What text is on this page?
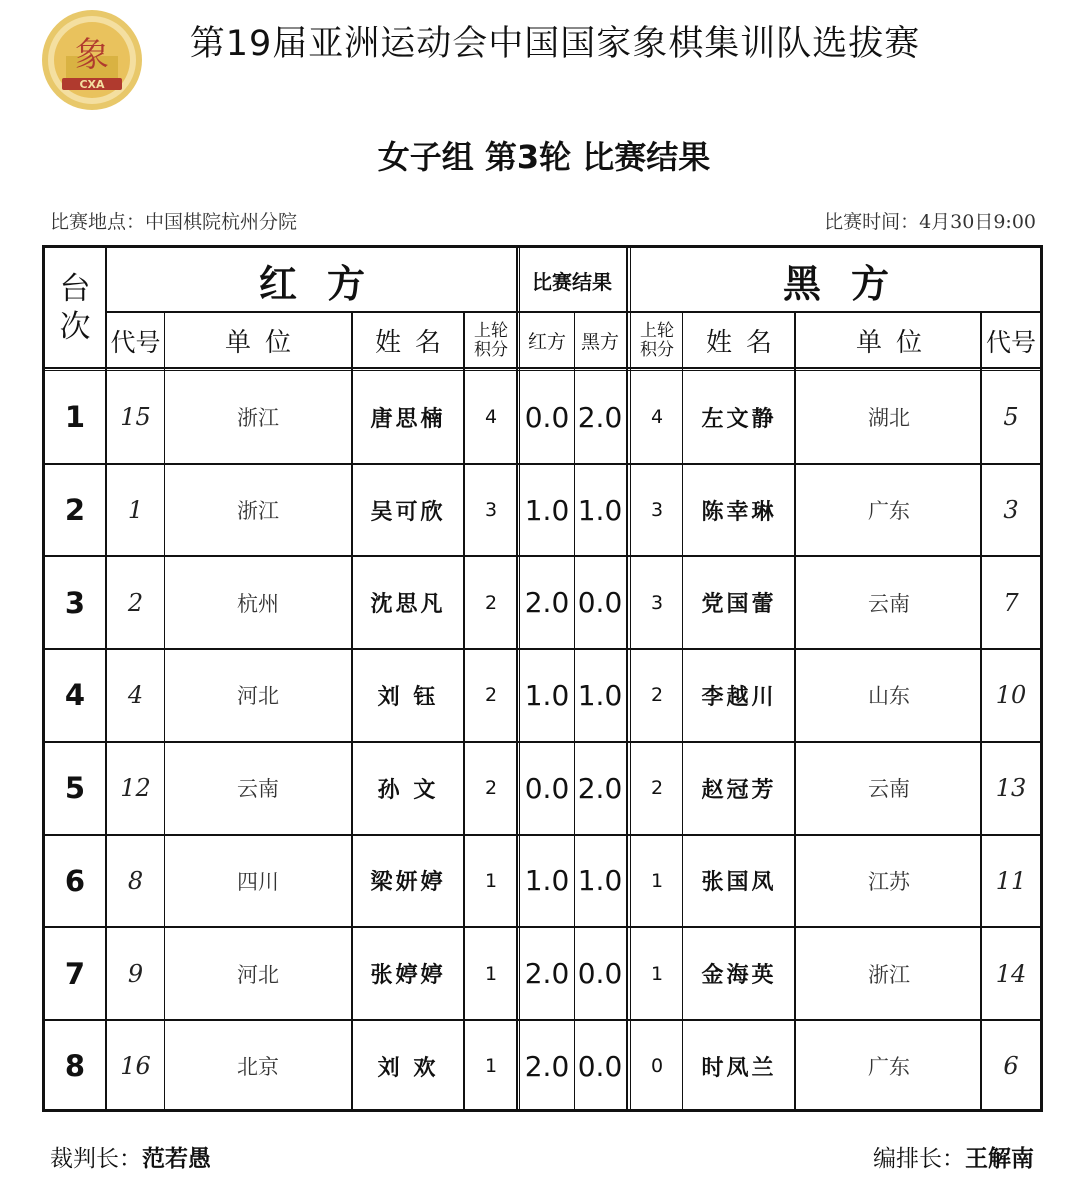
CXA
象	第19届亚洲运动会中国国家象棋集训队选拔赛
女子组 第3轮 比赛结果
比赛地点：中国棋院杭州分院	比赛时间：4月30日9:00
台
次
红方	比赛结果	黑方
代号	单位	姓名	上轮积分	红方 黑方
上轮积分	姓名	单位	代号
1	15	浙江	唐思楠	4 0.0 2.0	4	左文静	湖北	5
2	1	浙江	吴可欣	3 1.0 1.0	3	陈幸琳	广东	3
3	2	杭州	沈思凡	2 2.0 0.0	3	党国蕾	云南	7
4	4	河北	刘 钰	2 1.0 1.0	2	李越川	山东	10
5	12	云南	孙 文	2 0.0 2.0	2	赵冠芳	云南	13
6	8	四川	梁妍婷	1 1.0 1.0	1	张国凤	江苏	11
7	9	河北	张婷婷	1 2.0 0.0	1	金海英	浙江	14
8	16	北京	刘 欢	1 2.0 0.0	0	时凤兰	广东	6
裁判长：范若愚	编排长：王解南
